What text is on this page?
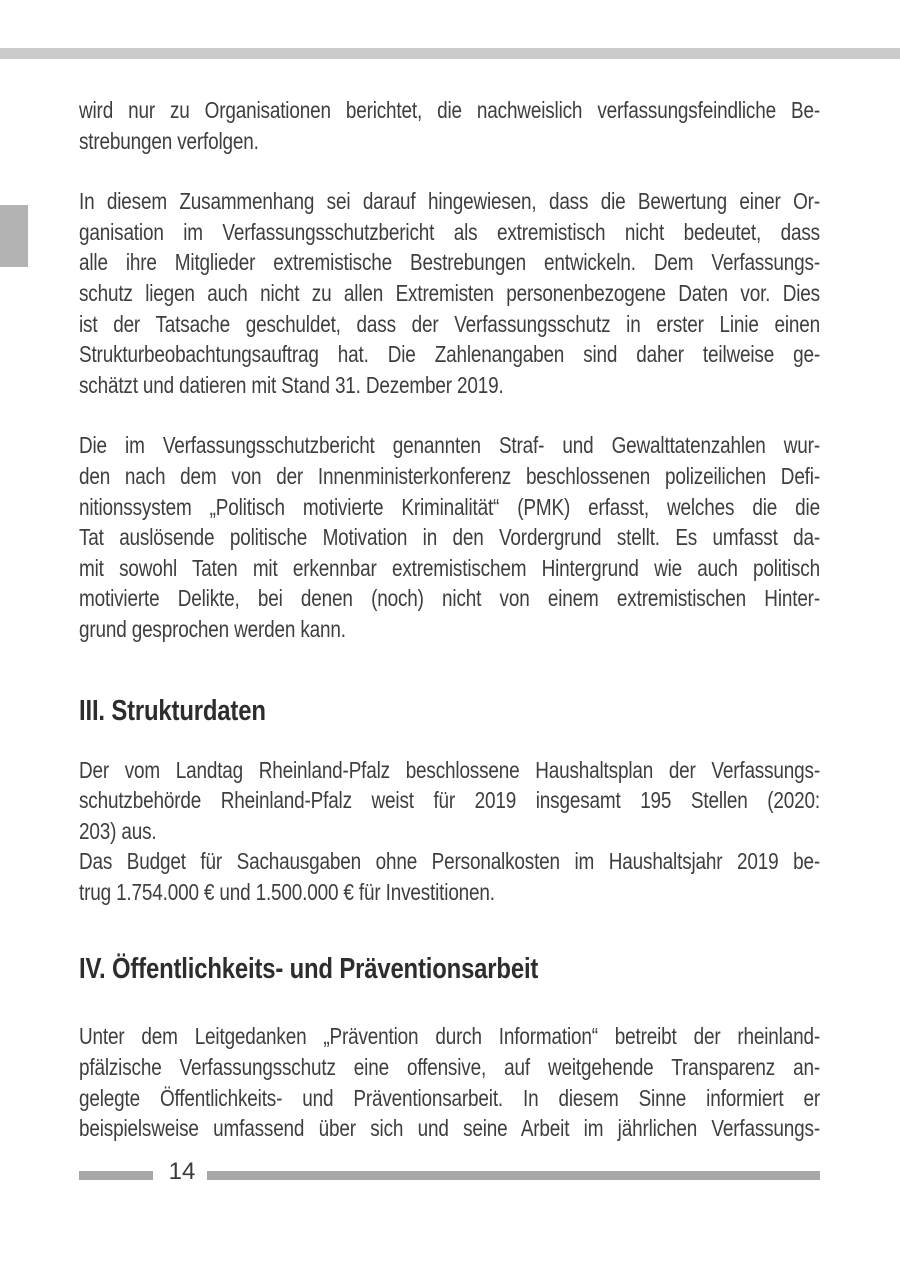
wird nur zu Organisationen berichtet, die nachweislich verfassungsfeindliche Be-
strebungen verfolgen.
In diesem Zusammenhang sei darauf hingewiesen, dass die Bewertung einer Or-
ganisation im Verfassungsschutzbericht als extremistisch nicht bedeutet, dass
alle ihre Mitglieder extremistische Bestrebungen entwickeln. Dem Verfassungs-
schutz liegen auch nicht zu allen Extremisten personenbezogene Daten vor. Dies
ist der Tatsache geschuldet, dass der Verfassungsschutz in erster Linie einen
Strukturbeobachtungsauftrag hat. Die Zahlenangaben sind daher teilweise ge-
schätzt und datieren mit Stand 31. Dezember 2019.
Die im Verfassungsschutzbericht genannten Straf- und Gewalttatenzahlen wur-
den nach dem von der Innenministerkonferenz beschlossenen polizeilichen Defi-
nitionssystem „Politisch motivierte Kriminalität“ (PMK) erfasst, welches die die
Tat auslösende politische Motivation in den Vordergrund stellt. Es umfasst da-
mit sowohl Taten mit erkennbar extremistischem Hintergrund wie auch politisch
motivierte Delikte, bei denen (noch) nicht von einem extremistischen Hinter-
grund gesprochen werden kann.
III. Strukturdaten
Der vom Landtag Rheinland-Pfalz beschlossene Haushaltsplan der Verfassungs-
schutzbehörde Rheinland-Pfalz weist für 2019 insgesamt 195 Stellen (2020:
203) aus.
Das Budget für Sachausgaben ohne Personalkosten im Haushaltsjahr 2019 be-
trug 1.754.000 € und 1.500.000 € für Investitionen.
IV. Öffentlichkeits- und Präventionsarbeit
Unter dem Leitgedanken „Prävention durch Information“ betreibt der rheinland-
pfälzische Verfassungsschutz eine offensive, auf weitgehende Transparenz an-
gelegte Öffentlichkeits- und Präventionsarbeit. In diesem Sinne informiert er
beispielsweise umfassend über sich und seine Arbeit im jährlichen Verfassungs-
14
